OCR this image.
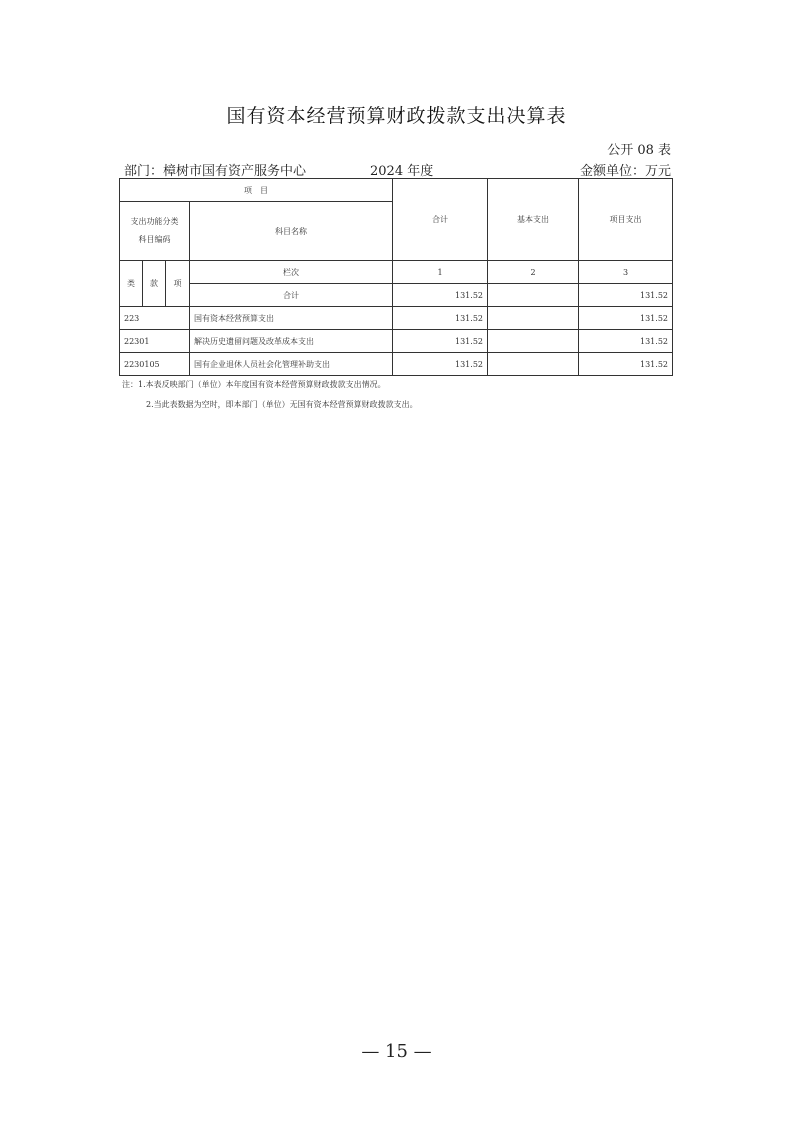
国有资本经营预算财政拨款支出决算表
公开 08 表
部门：樟树市国有资产服务中心	2024 年度	金额单位：万元
项　目				合计	基本支出	项目支出

支出功能分类
科目编码			科目名称			

类	款	项	栏次	1	2	3
			合计	131.52		131.52
223			国有资本经营预算支出	131.52		131.52
22301			解决历史遗留问题及改革成本支出	131.52		131.52
2230105			国有企业退休人员社会化管理补助支出	131.52		131.52
注：1.本表反映部门（单位）本年度国有资本经营预算财政拨款支出情况。
2.当此表数据为空时，即本部门（单位）无国有资本经营预算财政拨款支出。
— 15 —
